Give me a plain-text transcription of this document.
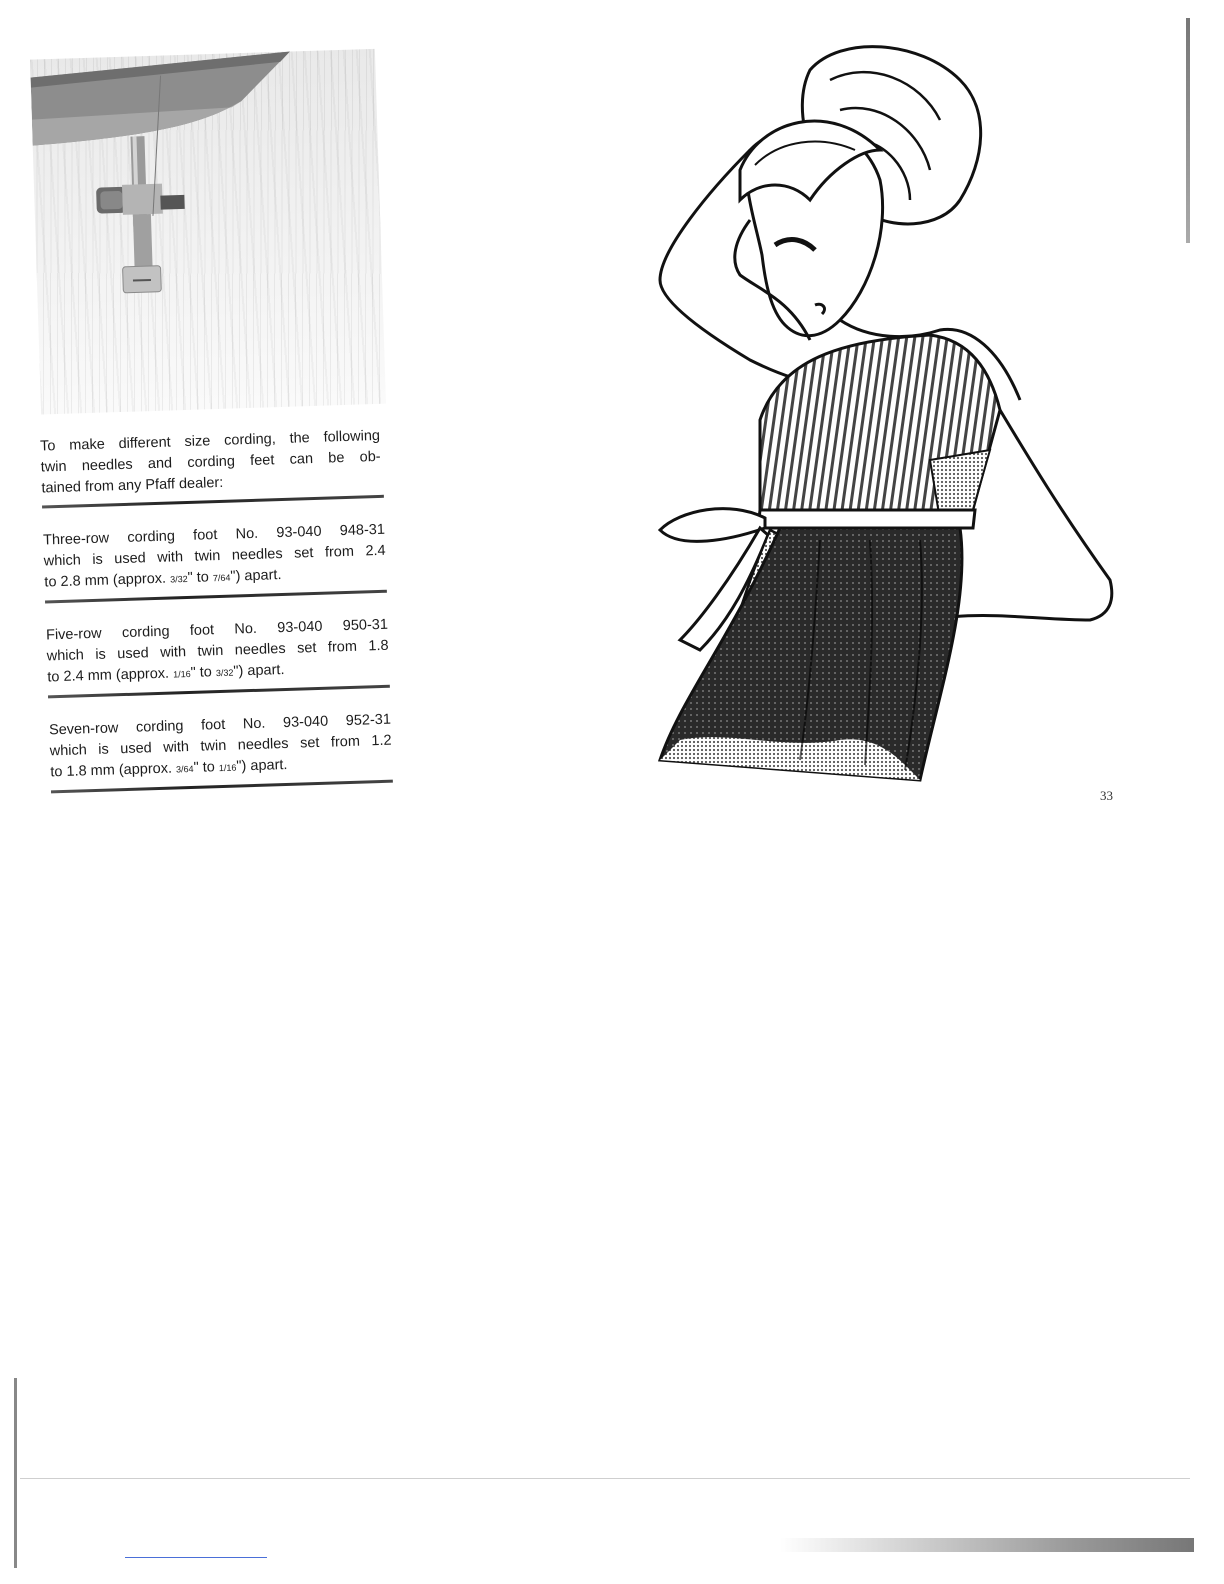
To make different size cording, the following
twin needles and cording feet can be ob-
tained from any Pfaff dealer:
Three-row cording foot No. 93-040 948-31
which is used with twin needles set from 2.4
to 2.8 mm (approx. 3/32" to 7/64") apart.
Five-row cording foot No. 93-040 950-31
which is used with twin needles set from 1.8
to 2.4 mm (approx. 1/16" to 3/32") apart.
Seven-row cording foot No. 93-040 952-31
which is used with twin needles set from 1.2
to 1.8 mm (approx. 3/64" to 1/16") apart.
33
